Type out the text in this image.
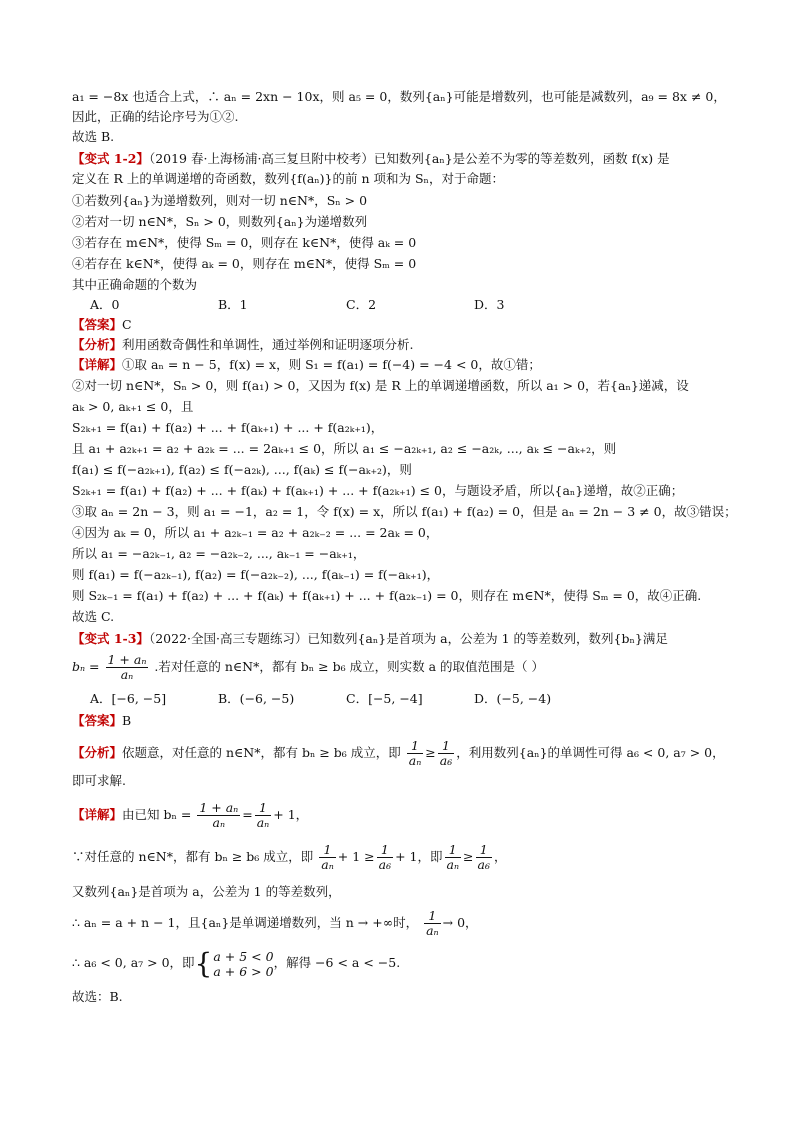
a₁ = −8x 也适合上式，∴ aₙ = 2xn − 10x，则 a₅ = 0，数列{aₙ}可能是增数列，也可能是减数列，a₉ = 8x ≠ 0，
因此，正确的结论序号为①②.
故选 B.
【变式 1-2】（2019 春·上海杨浦·高三复旦附中校考）已知数列{aₙ}是公差不为零的等差数列，函数 f(x) 是
定义在 R 上的单调递增的奇函数，数列{f(aₙ)}的前 n 项和为 Sₙ，对于命题：
①若数列{aₙ}为递增数列，则对一切 n∈N*，Sₙ > 0
②若对一切 n∈N*，Sₙ > 0，则数列{aₙ}为递增数列
③若存在 m∈N*，使得 Sₘ = 0，则存在 k∈N*，使得 aₖ = 0
④若存在 k∈N*，使得 aₖ = 0，则存在 m∈N*，使得 Sₘ = 0
其中正确命题的个数为
A．0	B．1	C．2	D．3
【答案】C
【分析】利用函数奇偶性和单调性，通过举例和证明逐项分析.
【详解】①取 aₙ = n − 5，f(x) = x，则 S₁ = f(a₁) = f(−4) = −4 < 0，故①错；
②对一切 n∈N*，Sₙ > 0，则 f(a₁) > 0，又因为 f(x) 是 R 上的单调递增函数，所以 a₁ > 0，若{aₙ}递减，设
aₖ > 0, aₖ₊₁ ≤ 0，且
S₂ₖ₊₁ = f(a₁) + f(a₂) + ... + f(aₖ₊₁) + ... + f(a₂ₖ₊₁)，
且 a₁ + a₂ₖ₊₁ = a₂ + a₂ₖ = ... = 2aₖ₊₁ ≤ 0，所以 a₁ ≤ −a₂ₖ₊₁, a₂ ≤ −a₂ₖ, ..., aₖ ≤ −aₖ₊₂，则
f(a₁) ≤ f(−a₂ₖ₊₁), f(a₂) ≤ f(−a₂ₖ), ..., f(aₖ) ≤ f(−aₖ₊₂)，则
S₂ₖ₊₁ = f(a₁) + f(a₂) + ... + f(aₖ) + f(aₖ₊₁) + ... + f(a₂ₖ₊₁) ≤ 0，与题设矛盾，所以{aₙ}递增，故②正确；
③取 aₙ = 2n − 3，则 a₁ = −1，a₂ = 1，令 f(x) = x，所以 f(a₁) + f(a₂) = 0，但是 aₙ = 2n − 3 ≠ 0，故③错误；
④因为 aₖ = 0，所以 a₁ + a₂ₖ₋₁ = a₂ + a₂ₖ₋₂ = ... = 2aₖ = 0，
所以 a₁ = −a₂ₖ₋₁, a₂ = −a₂ₖ₋₂, ..., aₖ₋₁ = −aₖ₊₁，
则 f(a₁) = f(−a₂ₖ₋₁), f(a₂) = f(−a₂ₖ₋₂), ..., f(aₖ₋₁) = f(−aₖ₊₁)，
则 S₂ₖ₋₁ = f(a₁) + f(a₂) + ... + f(aₖ) + f(aₖ₊₁) + ... + f(a₂ₖ₋₁) = 0，则存在 m∈N*，使得 Sₘ = 0，故④正确.
故选 C.
【变式 1-3】（2022·全国·高三专题练习）已知数列{aₙ}是首项为 a，公差为 1 的等差数列，数列{bₙ}满足
$b_n = \frac{\text{1 + aₙ}}{\text{aₙ}}$ .若对任意的 n∈N*，都有 bₙ ≥ b₆ 成立，则实数 a 的取值范围是（ ）
A．[−6, −5]	B．(−6, −5)	C．[−5, −4]	D．(−5, −4)
【答案】B
【分析】依题意，对任意的 n∈N*，都有 bₙ ≥ b₆ 成立，即 $\frac{1}{\text{aₙ}} \ge \frac{1}{\text{a₆}}$ ，利用数列{aₙ}的单调性可得 a₆ < 0, a₇ > 0，
即可求解.
【详解】由已知 $b_n = \frac{\text{1 + aₙ}}{\text{aₙ}} = \frac{1}{\text{aₙ}} + 1$，
∵对任意的 n∈N*，都有 bₙ ≥ b₆ 成立，即 $\frac{1}{\text{aₙ}} + 1 \ge \frac{1}{\text{a₆}} + 1$，即 $\frac{1}{\text{aₙ}} \ge \frac{1}{\text{a₆}}$ ，
又数列{aₙ}是首项为 a，公差为 1 的等差数列，
∴ aₙ = a + n − 1，且{aₙ}是单调递增数列，当 n → +∞时， $\frac{1}{\text{aₙ}} \to 0$，
∴ a₆ < 0, a₇ > 0，即{ a + 5 < 0
a + 6 > 0
，解得 −6 < a < −5.
故选：B.
